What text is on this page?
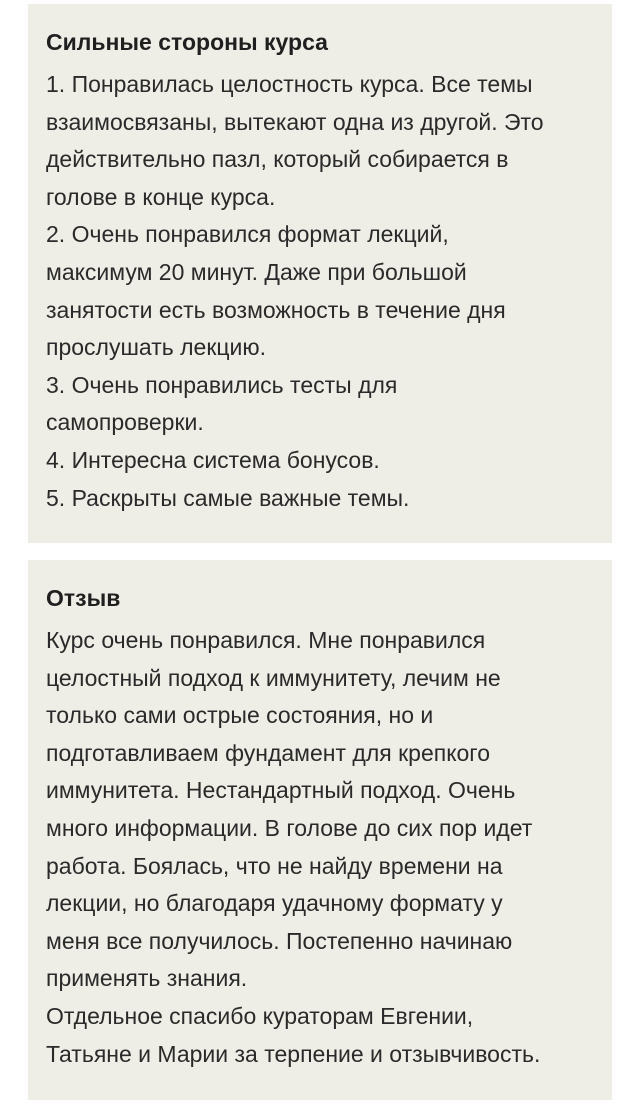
Сильные стороны курса
1. Понравилась целостность курса. Все темы
взаимосвязаны, вытекают одна из другой. Это
действительно пазл, который собирается в
голове в конце курса.
2. Очень понравился формат лекций,
максимум 20 минут. Даже при большой
занятости есть возможность в течение дня
прослушать лекцию.
3. Очень понравились тесты для
самопроверки.
4. Интересна система бонусов.
5. Раскрыты самые важные темы.
Отзыв
Курс очень понравился. Мне понравился
целостный подход к иммунитету, лечим не
только сами острые состояния, но и
подготавливаем фундамент для крепкого
иммунитета. Нестандартный подход. Очень
много информации. В голове до сих пор идет
работа. Боялась, что не найду времени на
лекции, но благодаря удачному формату у
меня все получилось. Постепенно начинаю
применять знания.
Отдельное спасибо кураторам Евгении,
Татьяне и Марии за терпение и отзывчивость.
